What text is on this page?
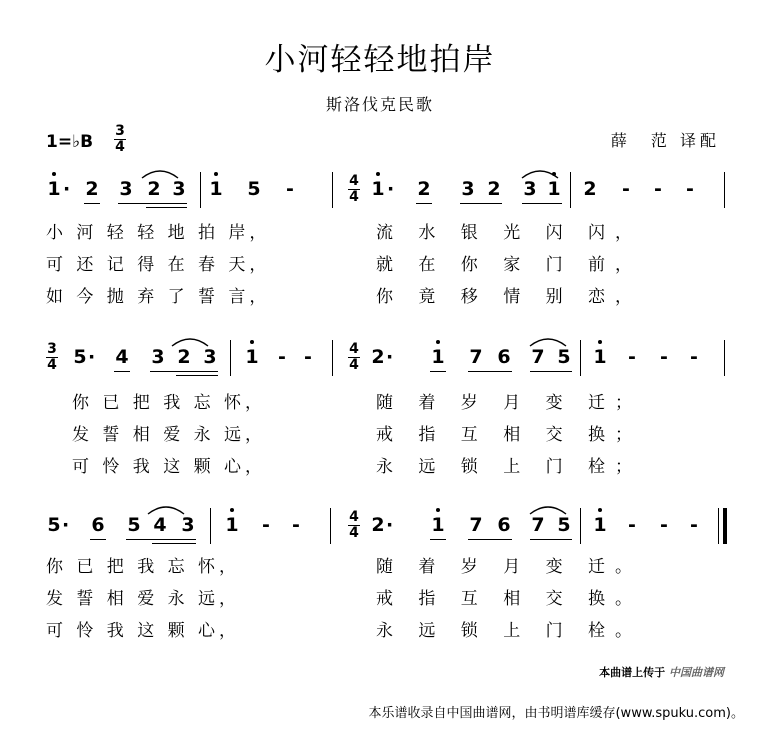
小河轻轻地拍岸
斯洛伐克民歌
1=♭B
3
4	薛　范 译配
1 · 2 3 2 3 1 5 -	4
4 1 · 2 3 2 3 1 2 - - -
小 河 轻 轻 地 拍 岸，	流 水 银 光 闪 闪，
可 还 记 得 在 春 天，	就 在 你 家 门 前，
如 今 抛 弃 了 誓 言，	你 竟 移 情 别 恋，
3
4 5 · 4 3 2 3 1 - -	4
4 2 · 1 7 6 7 5 1 - - -
你 已 把 我 忘 怀，	随 着 岁 月 变 迁；
发 誓 相 爱 永 远，	戒 指 互 相 交 换；
可 怜 我 这 颗 心，	永 远 锁 上 门 栓；
5 · 6 5 4 3 1 - -	4
4 2 · 1 7 6 7 5 1 - - -
你 已 把 我 忘 怀，	随 着 岁 月 变 迁。
发 誓 相 爱 永 远，	戒 指 互 相 交 换。
可 怜 我 这 颗 心，	永 远 锁 上 门 栓。
本曲谱上传于 中国曲谱网
本乐谱收录自中国曲谱网，由书明谱库缓存(www.spuku.com)。
